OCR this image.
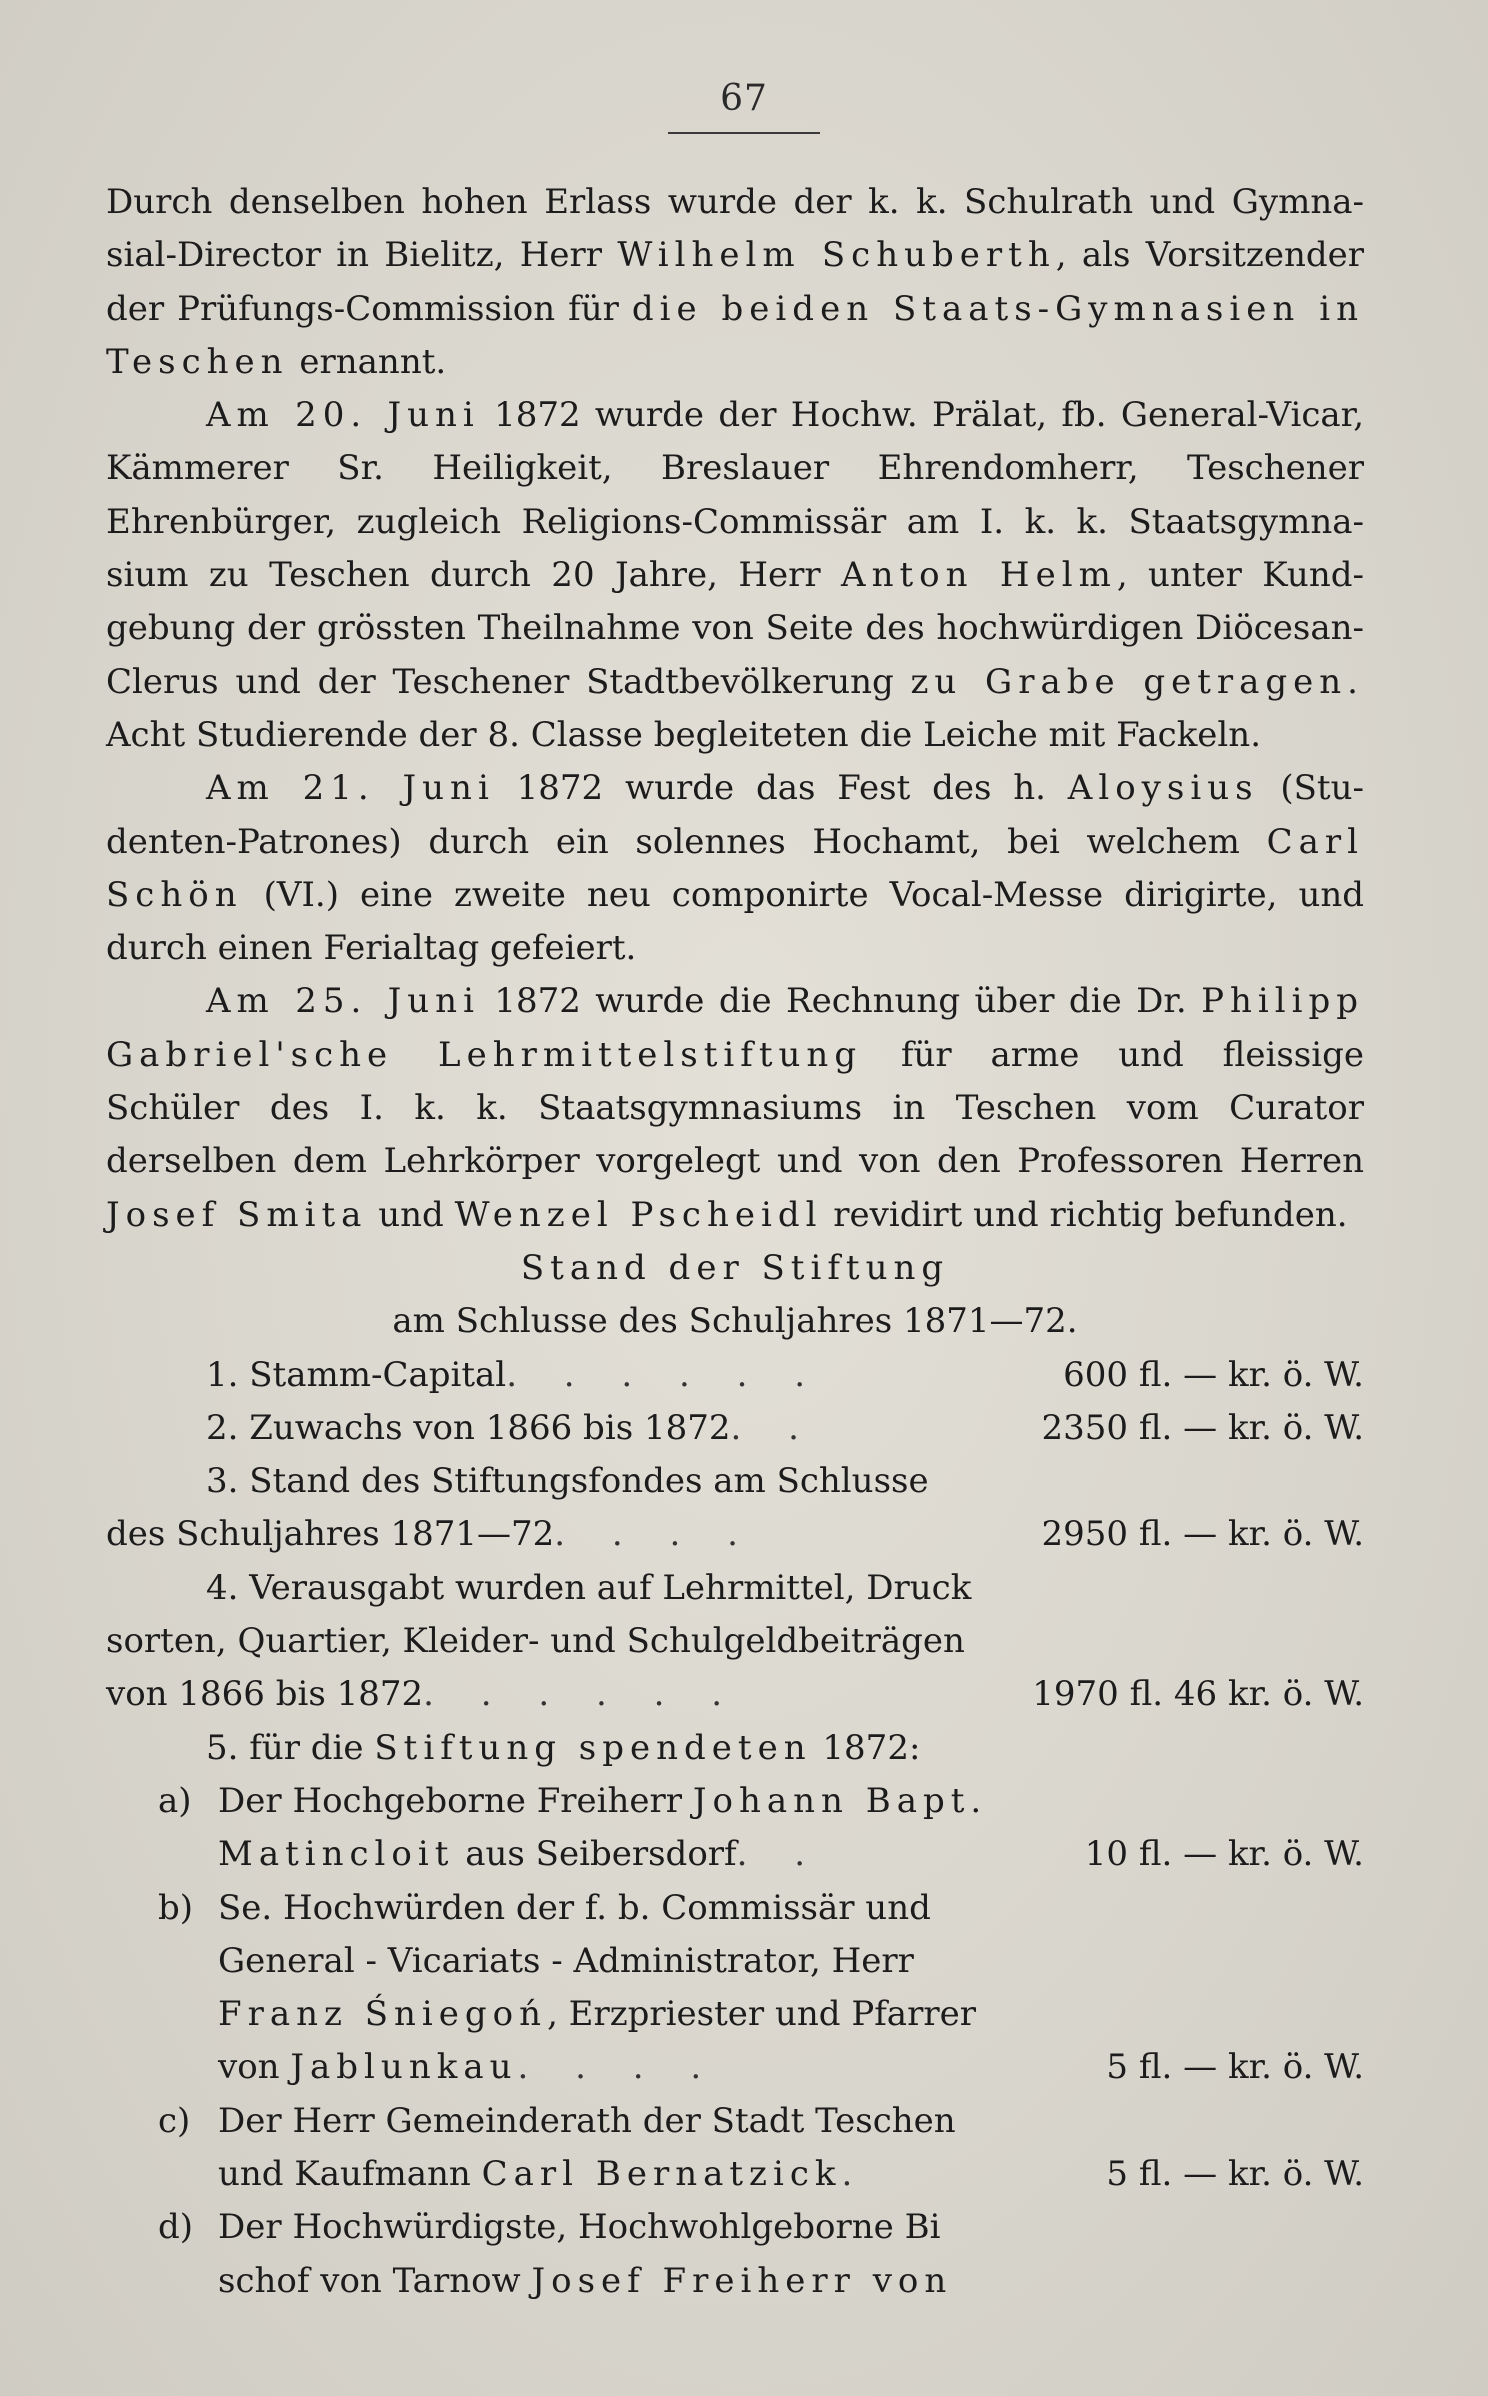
67

Durch denselben hohen Erlass wurde der k. k. Schulrath und Gymnasial-Director in Bielitz, Herr Wilhelm Schuberth, als Vorsitzender der Prüfungs-Commission für die beiden Staats-Gymnasien in Teschen ernannt.

Am 20. Juni 1872 wurde der Hochw. Prälat, fb. General-Vicar, Kämmerer Sr. Heiligkeit, Breslauer Ehrendomherr, Teschener Ehrenbürger, zugleich Religions-Commissär am I. k. k. Staatsgymnasium zu Teschen durch 20 Jahre, Herr Anton Helm, unter Kundgebung der grössten Theilnahme von Seite des hochwürdigen Diöcesan-Clerus und der Teschener Stadtbevölkerung zu Grabe getragen. Acht Studierende der 8. Classe begleiteten die Leiche mit Fackeln.

Am 21. Juni 1872 wurde das Fest des h. Aloysius (Studenten-Patrones) durch ein solennes Hochamt, bei welchem Carl Schön (VI.) eine zweite neu componirte Vocal-Messe dirigirte, und durch einen Ferialtag gefeiert.

Am 25. Juni 1872 wurde die Rechnung über die Dr. Philipp Gabriel'sche Lehrmittelstiftung für arme und fleissige Schüler des I. k. k. Staatsgymnasiums in Teschen vom Curator derselben dem Lehrkörper vorgelegt und von den Professoren Herren Josef Smita und Wenzel Pscheidl revidirt und richtig befunden.

Stand der Stiftung

am Schlusse des Schuljahres 1871—72.

1. Stamm-Capital . . . . . .	600 fl. — kr. ö. W.
2. Zuwachs von 1866 bis 1872 . .	2350 fl. — kr. ö. W.
3. Stand des Stiftungsfondes am Schlusse
des Schuljahres 1871—72 . . . .	2950 fl. — kr. ö. W.
4. Verausgabt wurden auf Lehrmittel, Druck
sorten, Quartier, Kleider- und Schulgeldbeiträgen
von 1866 bis 1872 . . . . . .	1970 fl. 46 kr. ö. W.
5. für die Stiftung spendeten 1872:
a) Der Hochgeborne Freiherr Johann Bapt.
Matincloit aus Seibersdorf . .	10 fl. — kr. ö. W.
b) Se. Hochwürden der f. b. Commissär und
General - Vicariats - Administrator, Herr
Franz Śniegoń, Erzpriester und Pfarrer
von Jablunkau . . . .	5 fl. — kr. ö. W.
c) Der Herr Gemeinderath der Stadt Teschen
und Kaufmann Carl Bernatzick .	5 fl. — kr. ö. W.
d) Der Hochwürdigste, Hochwohlgeborne Bi
schof von Tarnow Josef Freiherr von
